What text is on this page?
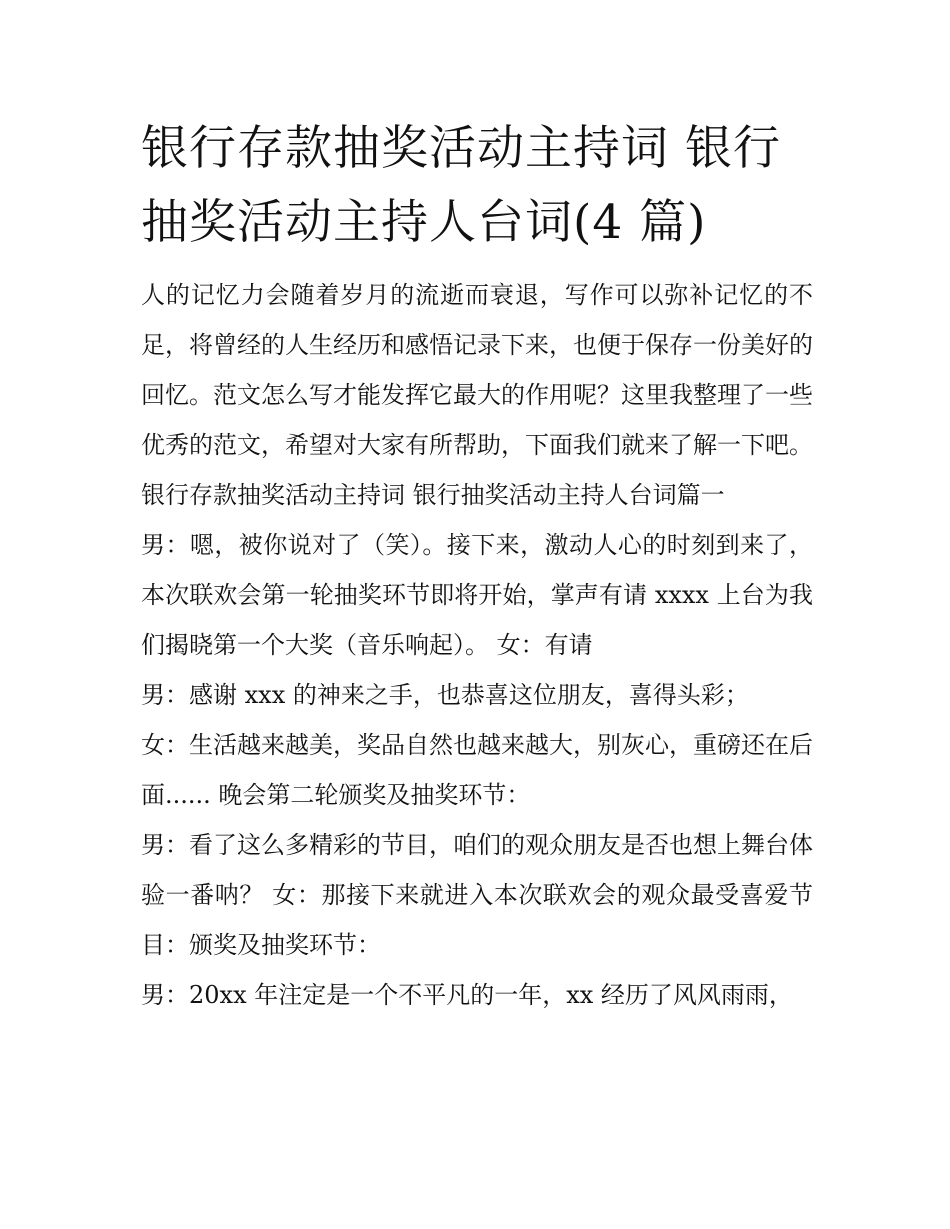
银行存款抽奖活动主持词 银行抽奖活动主持人台词(4 篇)

人的记忆力会随着岁月的流逝而衰退，写作可以弥补记忆的不足，将曾经的人生经历和感悟记录下来，也便于保存一份美好的回忆。范文怎么写才能发挥它最大的作用呢？这里我整理了一些优秀的范文，希望对大家有所帮助，下面我们就来了解一下吧。

银行存款抽奖活动主持词 银行抽奖活动主持人台词篇一

男：嗯，被你说对了（笑）。接下来，激动人心的时刻到来了，本次联欢会第一轮抽奖环节即将开始，掌声有请 xxxx 上台为我们揭晓第一个大奖（音乐响起）。 女：有请

男：感谢 xxx 的神来之手，也恭喜这位朋友，喜得头彩；

女：生活越来越美，奖品自然也越来越大，别灰心，重磅还在后面...... 晚会第二轮颁奖及抽奖环节：

男：看了这么多精彩的节目，咱们的观众朋友是否也想上舞台体验一番呐？ 女：那接下来就进入本次联欢会的观众最受喜爱节目：颁奖及抽奖环节：

男：20xx 年注定是一个不平凡的一年，xx 经历了风风雨雨，
